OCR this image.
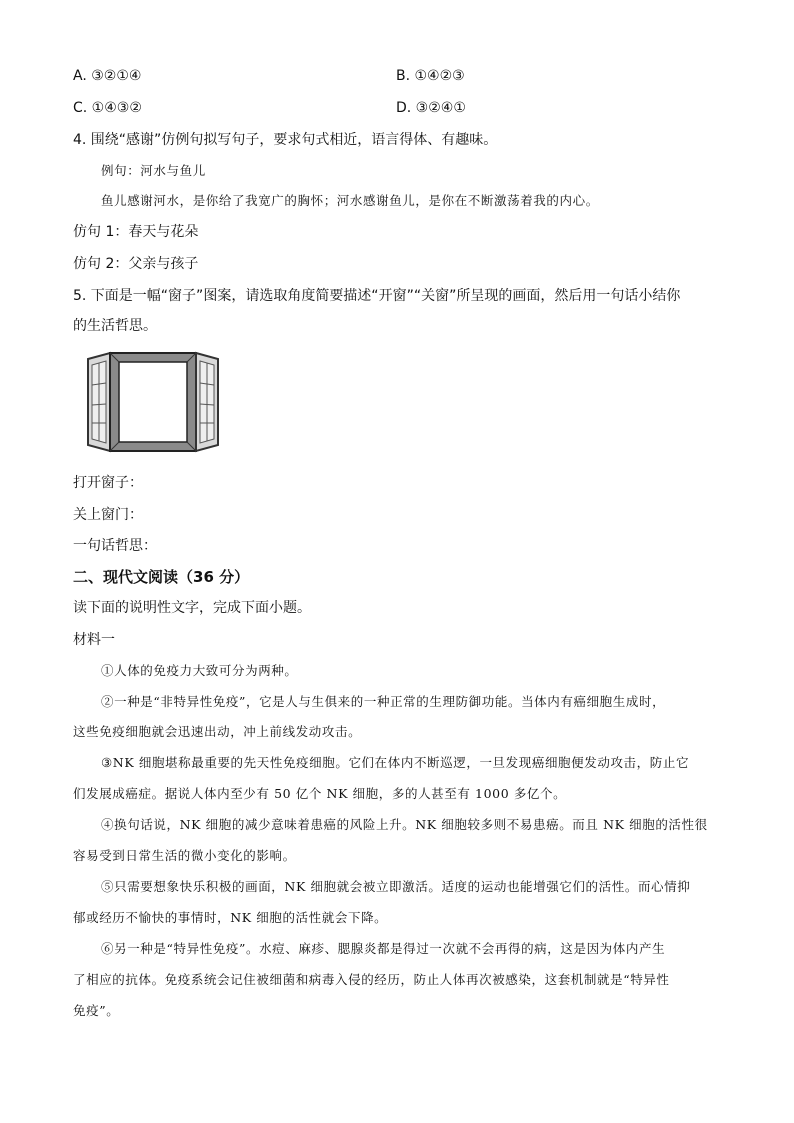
A. ③②①④	B. ①④②③
C. ①④③②	D. ③②④①
4. 围绕“感谢”仿例句拟写句子，要求句式相近，语言得体、有趣味。
例句：河水与鱼儿
鱼儿感谢河水，是你给了我宽广的胸怀；河水感谢鱼儿，是你在不断激荡着我的内心。
仿句 1：春天与花朵
仿句 2：父亲与孩子
5. 下面是一幅“窗子”图案，请选取角度简要描述“开窗”“关窗”所呈现的画面，然后用一句话小结你
的生活哲思。
打开窗子：
关上窗门：
一句话哲思：
二、现代文阅读（36 分）
读下面的说明性文字，完成下面小题。
材料一
①人体的免疫力大致可分为两种。
②一种是“非特异性免疫”，它是人与生俱来的一种正常的生理防御功能。当体内有癌细胞生成时，
这些免疫细胞就会迅速出动，冲上前线发动攻击。
③NK 细胞堪称最重要的先天性免疫细胞。它们在体内不断巡逻，一旦发现癌细胞便发动攻击，防止它
们发展成癌症。据说人体内至少有 50 亿个 NK 细胞，多的人甚至有 1000 多亿个。
④换句话说，NK 细胞的减少意味着患癌的风险上升。NK 细胞较多则不易患癌。而且 NK 细胞的活性很
容易受到日常生活的微小变化的影响。
⑤只需要想象快乐积极的画面，NK 细胞就会被立即激活。适度的运动也能增强它们的活性。而心情抑
郁或经历不愉快的事情时，NK 细胞的活性就会下降。
⑥另一种是“特异性免疫”。水痘、麻疹、腮腺炎都是得过一次就不会再得的病，这是因为体内产生
了相应的抗体。免疫系统会记住被细菌和病毒入侵的经历，防止人体再次被感染，这套机制就是“特异性
免疫”。
